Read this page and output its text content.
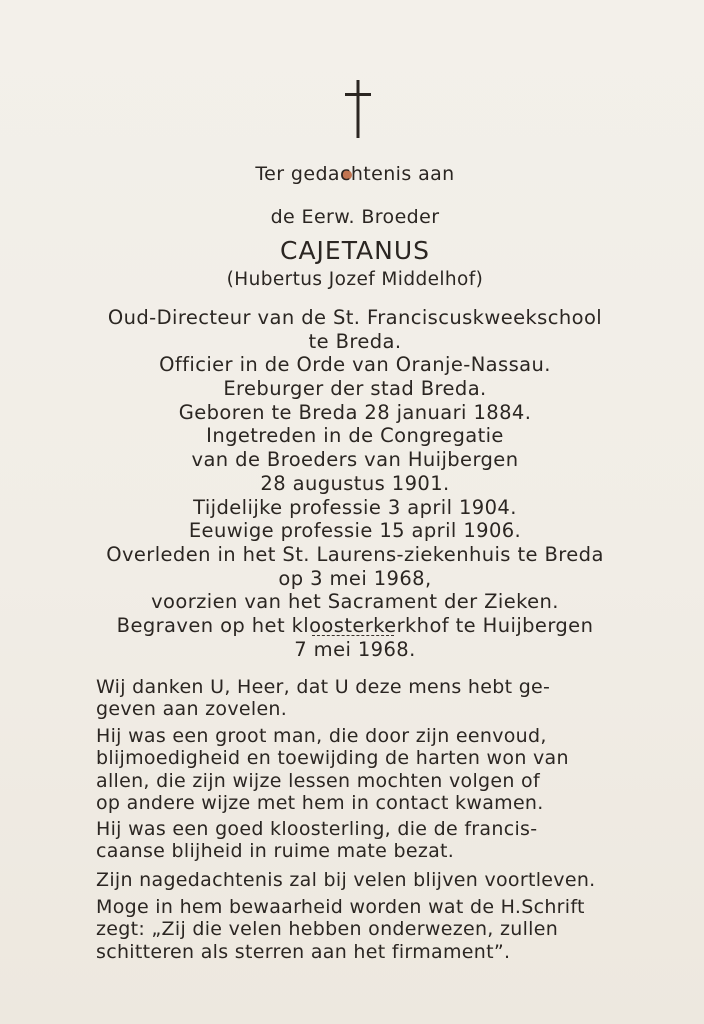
Ter gedachtenis aan
de Eerw. Broeder
CAJETANUS
(Hubertus Jozef Middelhof)
Oud-Directeur van de St. Franciscuskweekschool
te Breda.
Officier in de Orde van Oranje-Nassau.
Ereburger der stad Breda.
Geboren te Breda 28 januari 1884.
Ingetreden in de Congregatie
van de Broeders van Huijbergen
28 augustus 1901.
Tijdelijke professie 3 april 1904.
Eeuwige professie 15 april 1906.
Overleden in het St. Laurens-ziekenhuis te Breda
op 3 mei 1968,
voorzien van het Sacrament der Zieken.
Begraven op het kloosterkerkhof te Huijbergen
7 mei 1968.
Wij danken U, Heer, dat U deze mens hebt ge-
geven aan zovelen.
Hij was een groot man, die door zijn eenvoud,
blijmoedigheid en toewijding de harten won van
allen, die zijn wijze lessen mochten volgen of
op andere wijze met hem in contact kwamen.
Hij was een goed kloosterling, die de francis-
caanse blijheid in ruime mate bezat.
Zijn nagedachtenis zal bij velen blijven voortleven.
Moge in hem bewaarheid worden wat de H.Schrift
zegt: „Zij die velen hebben onderwezen, zullen
schitteren als sterren aan het firmament”.
